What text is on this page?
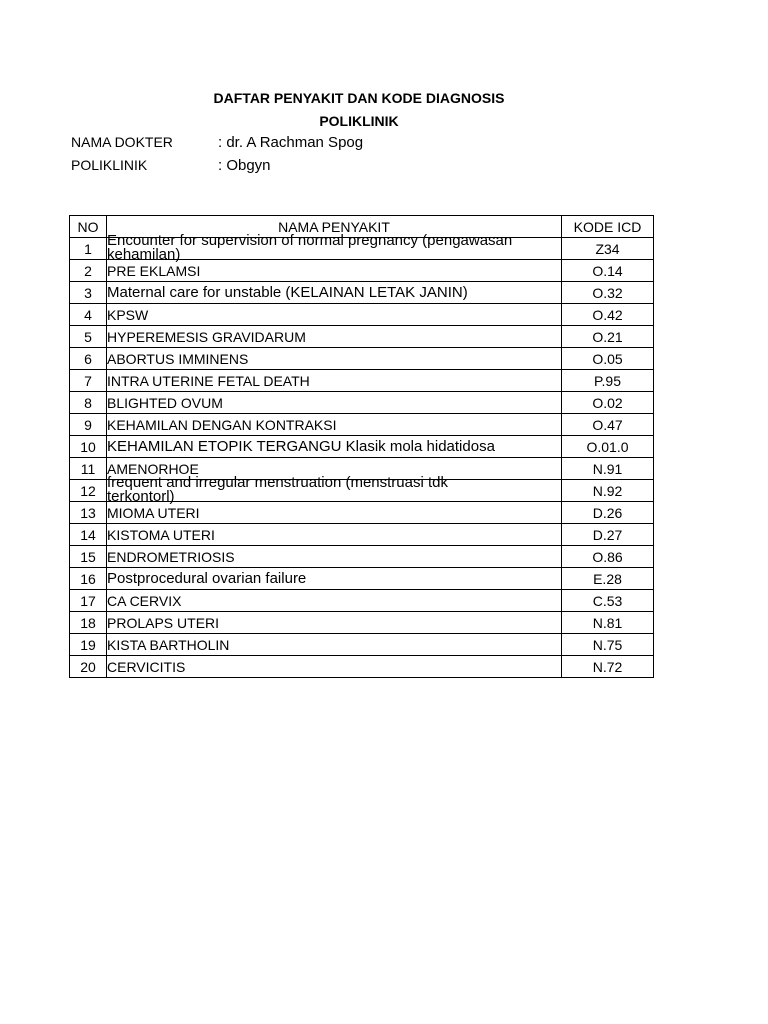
DAFTAR PENYAKIT DAN KODE DIAGNOSIS
POLIKLINIK
NAMA DOKTER	: dr. A Rachman Spog
POLIKLINIK	: Obgyn
NO	NAMA PENYAKIT	KODE ICD
1	Encounter for supervision of normal pregnancy (pengawasan kehamilan)	Z34
2	PRE EKLAMSI	O.14
3	Maternal care for unstable (KELAINAN LETAK JANIN)	O.32
4	KPSW	O.42
5	HYPEREMESIS GRAVIDARUM	O.21
6	ABORTUS IMMINENS	O.05
7	INTRA UTERINE FETAL DEATH	P.95
8	BLIGHTED OVUM	O.02
9	KEHAMILAN DENGAN KONTRAKSI	O.47
10	KEHAMILAN ETOPIK TERGANGU Klasik mola hidatidosa	O.01.0
11	AMENORHOE	N.91
12	frequent and irregular menstruation (menstruasi tdk terkontorl)	N.92
13	MIOMA UTERI	D.26
14	KISTOMA UTERI	D.27
15	ENDROMETRIOSIS	O.86
16	Postprocedural ovarian failure	E.28
17	CA CERVIX	C.53
18	PROLAPS UTERI	N.81
19	KISTA BARTHOLIN	N.75
20	CERVICITIS	N.72
